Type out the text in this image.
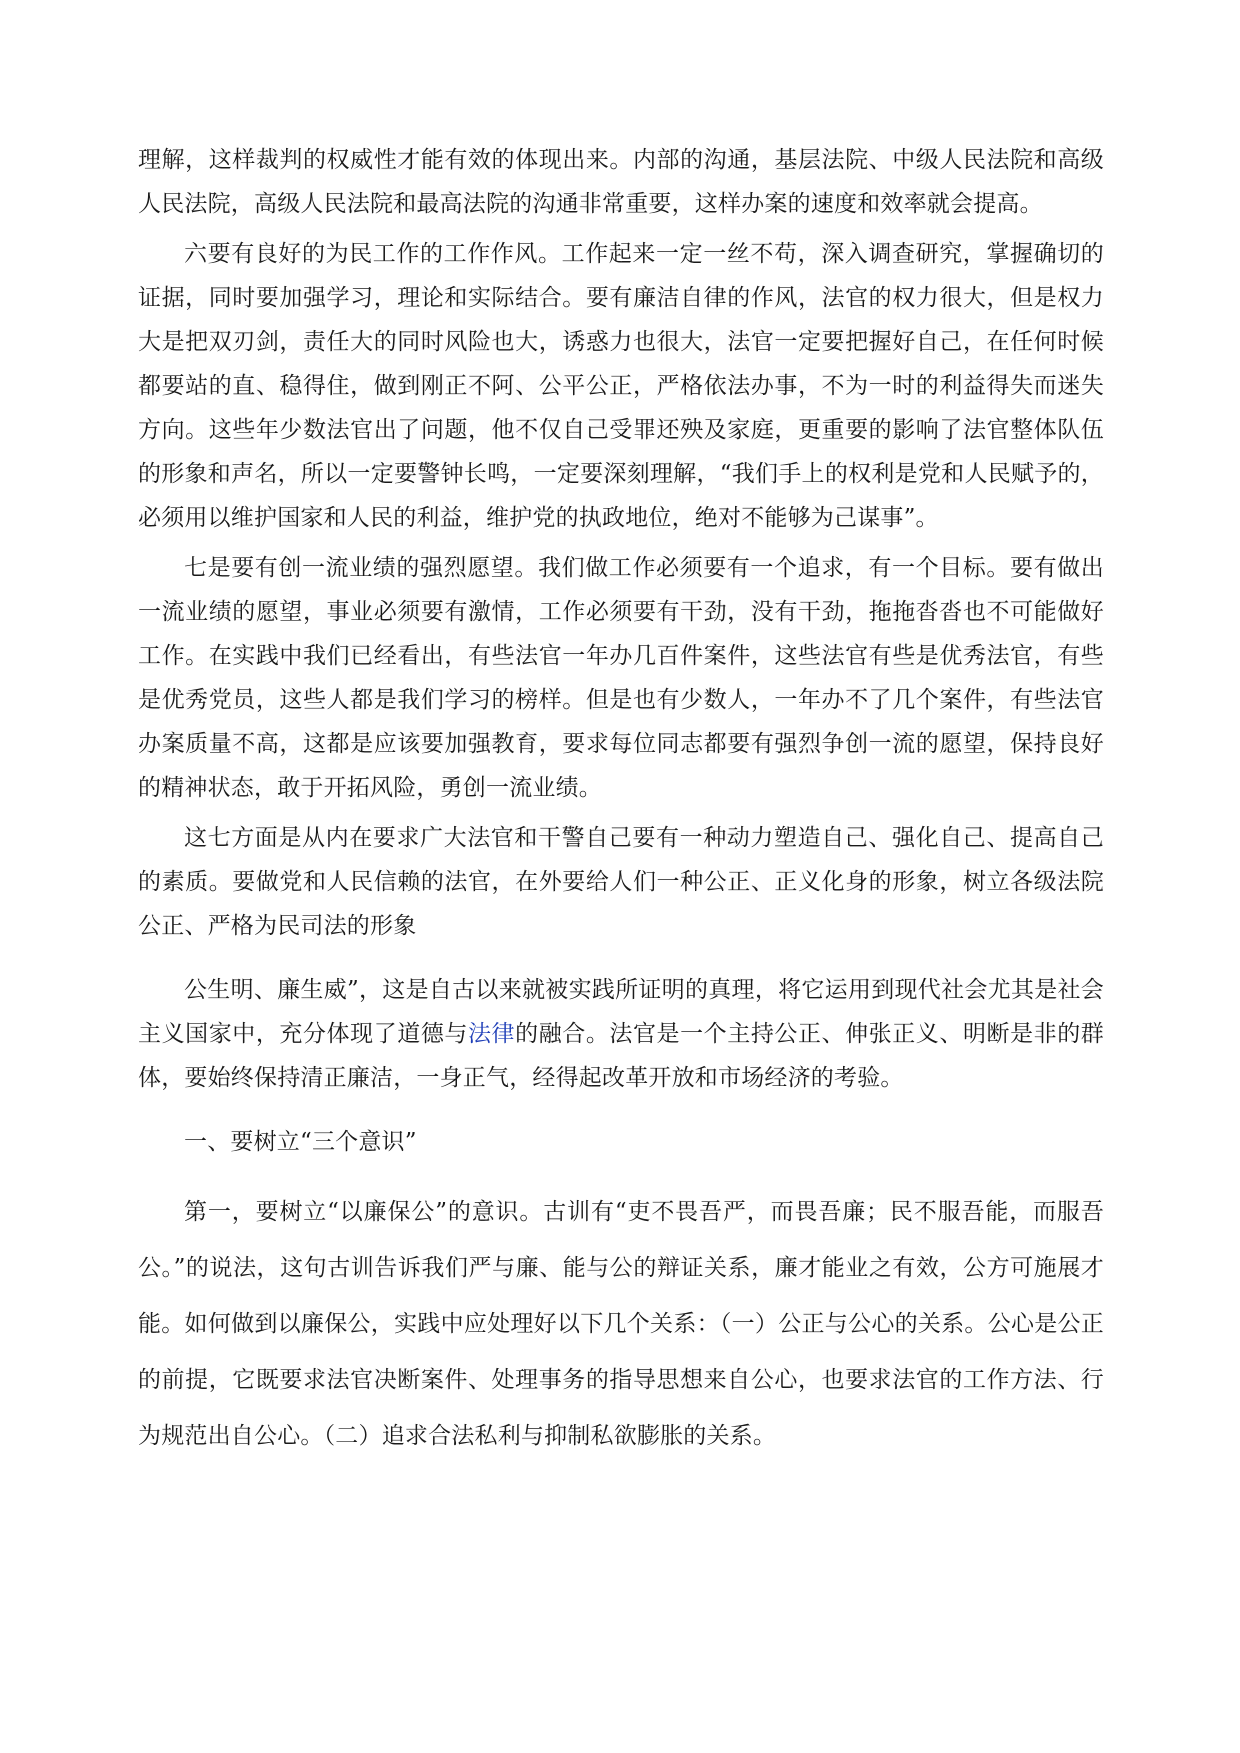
理解，这样裁判的权威性才能有效的体现出来。内部的沟通，基层法院、中级人民法院和高级人民法院，高级人民法院和最高法院的沟通非常重要，这样办案的速度和效率就会提高。

六要有良好的为民工作的工作作风。工作起来一定一丝不苟，深入调查研究，掌握确切的证据，同时要加强学习，理论和实际结合。要有廉洁自律的作风，法官的权力很大，但是权力大是把双刃剑，责任大的同时风险也大，诱惑力也很大，法官一定要把握好自己，在任何时候都要站的直、稳得住，做到刚正不阿、公平公正，严格依法办事，不为一时的利益得失而迷失方向。这些年少数法官出了问题，他不仅自己受罪还殃及家庭，更重要的影响了法官整体队伍的形象和声名，所以一定要警钟长鸣，一定要深刻理解，“我们手上的权利是党和人民赋予的，必须用以维护国家和人民的利益，维护党的执政地位，绝对不能够为己谋事”。

七是要有创一流业绩的强烈愿望。我们做工作必须要有一个追求，有一个目标。要有做出一流业绩的愿望，事业必须要有激情，工作必须要有干劲，没有干劲，拖拖沓沓也不可能做好工作。在实践中我们已经看出，有些法官一年办几百件案件，这些法官有些是优秀法官，有些是优秀党员，这些人都是我们学习的榜样。但是也有少数人，一年办不了几个案件，有些法官办案质量不高，这都是应该要加强教育，要求每位同志都要有强烈争创一流的愿望，保持良好的精神状态，敢于开拓风险，勇创一流业绩。

这七方面是从内在要求广大法官和干警自己要有一种动力塑造自己、强化自己、提高自己的素质。要做党和人民信赖的法官，在外要给人们一种公正、正义化身的形象，树立各级法院公正、严格为民司法的形象

公生明、廉生威”，这是自古以来就被实践所证明的真理，将它运用到现代社会尤其是社会主义国家中，充分体现了道德与法律的融合。法官是一个主持公正、伸张正义、明断是非的群体，要始终保持清正廉洁，一身正气，经得起改革开放和市场经济的考验。

一、要树立“三个意识”

第一，要树立“以廉保公”的意识。古训有“吏不畏吾严，而畏吾廉；民不服吾能，而服吾公。”的说法，这句古训告诉我们严与廉、能与公的辩证关系，廉才能业之有效，公方可施展才能。如何做到以廉保公，实践中应处理好以下几个关系：（一）公正与公心的关系。公心是公正的前提，它既要求法官决断案件、处理事务的指导思想来自公心，也要求法官的工作方法、行为规范出自公心。（二）追求合法私利与抑制私欲膨胀的关系。
